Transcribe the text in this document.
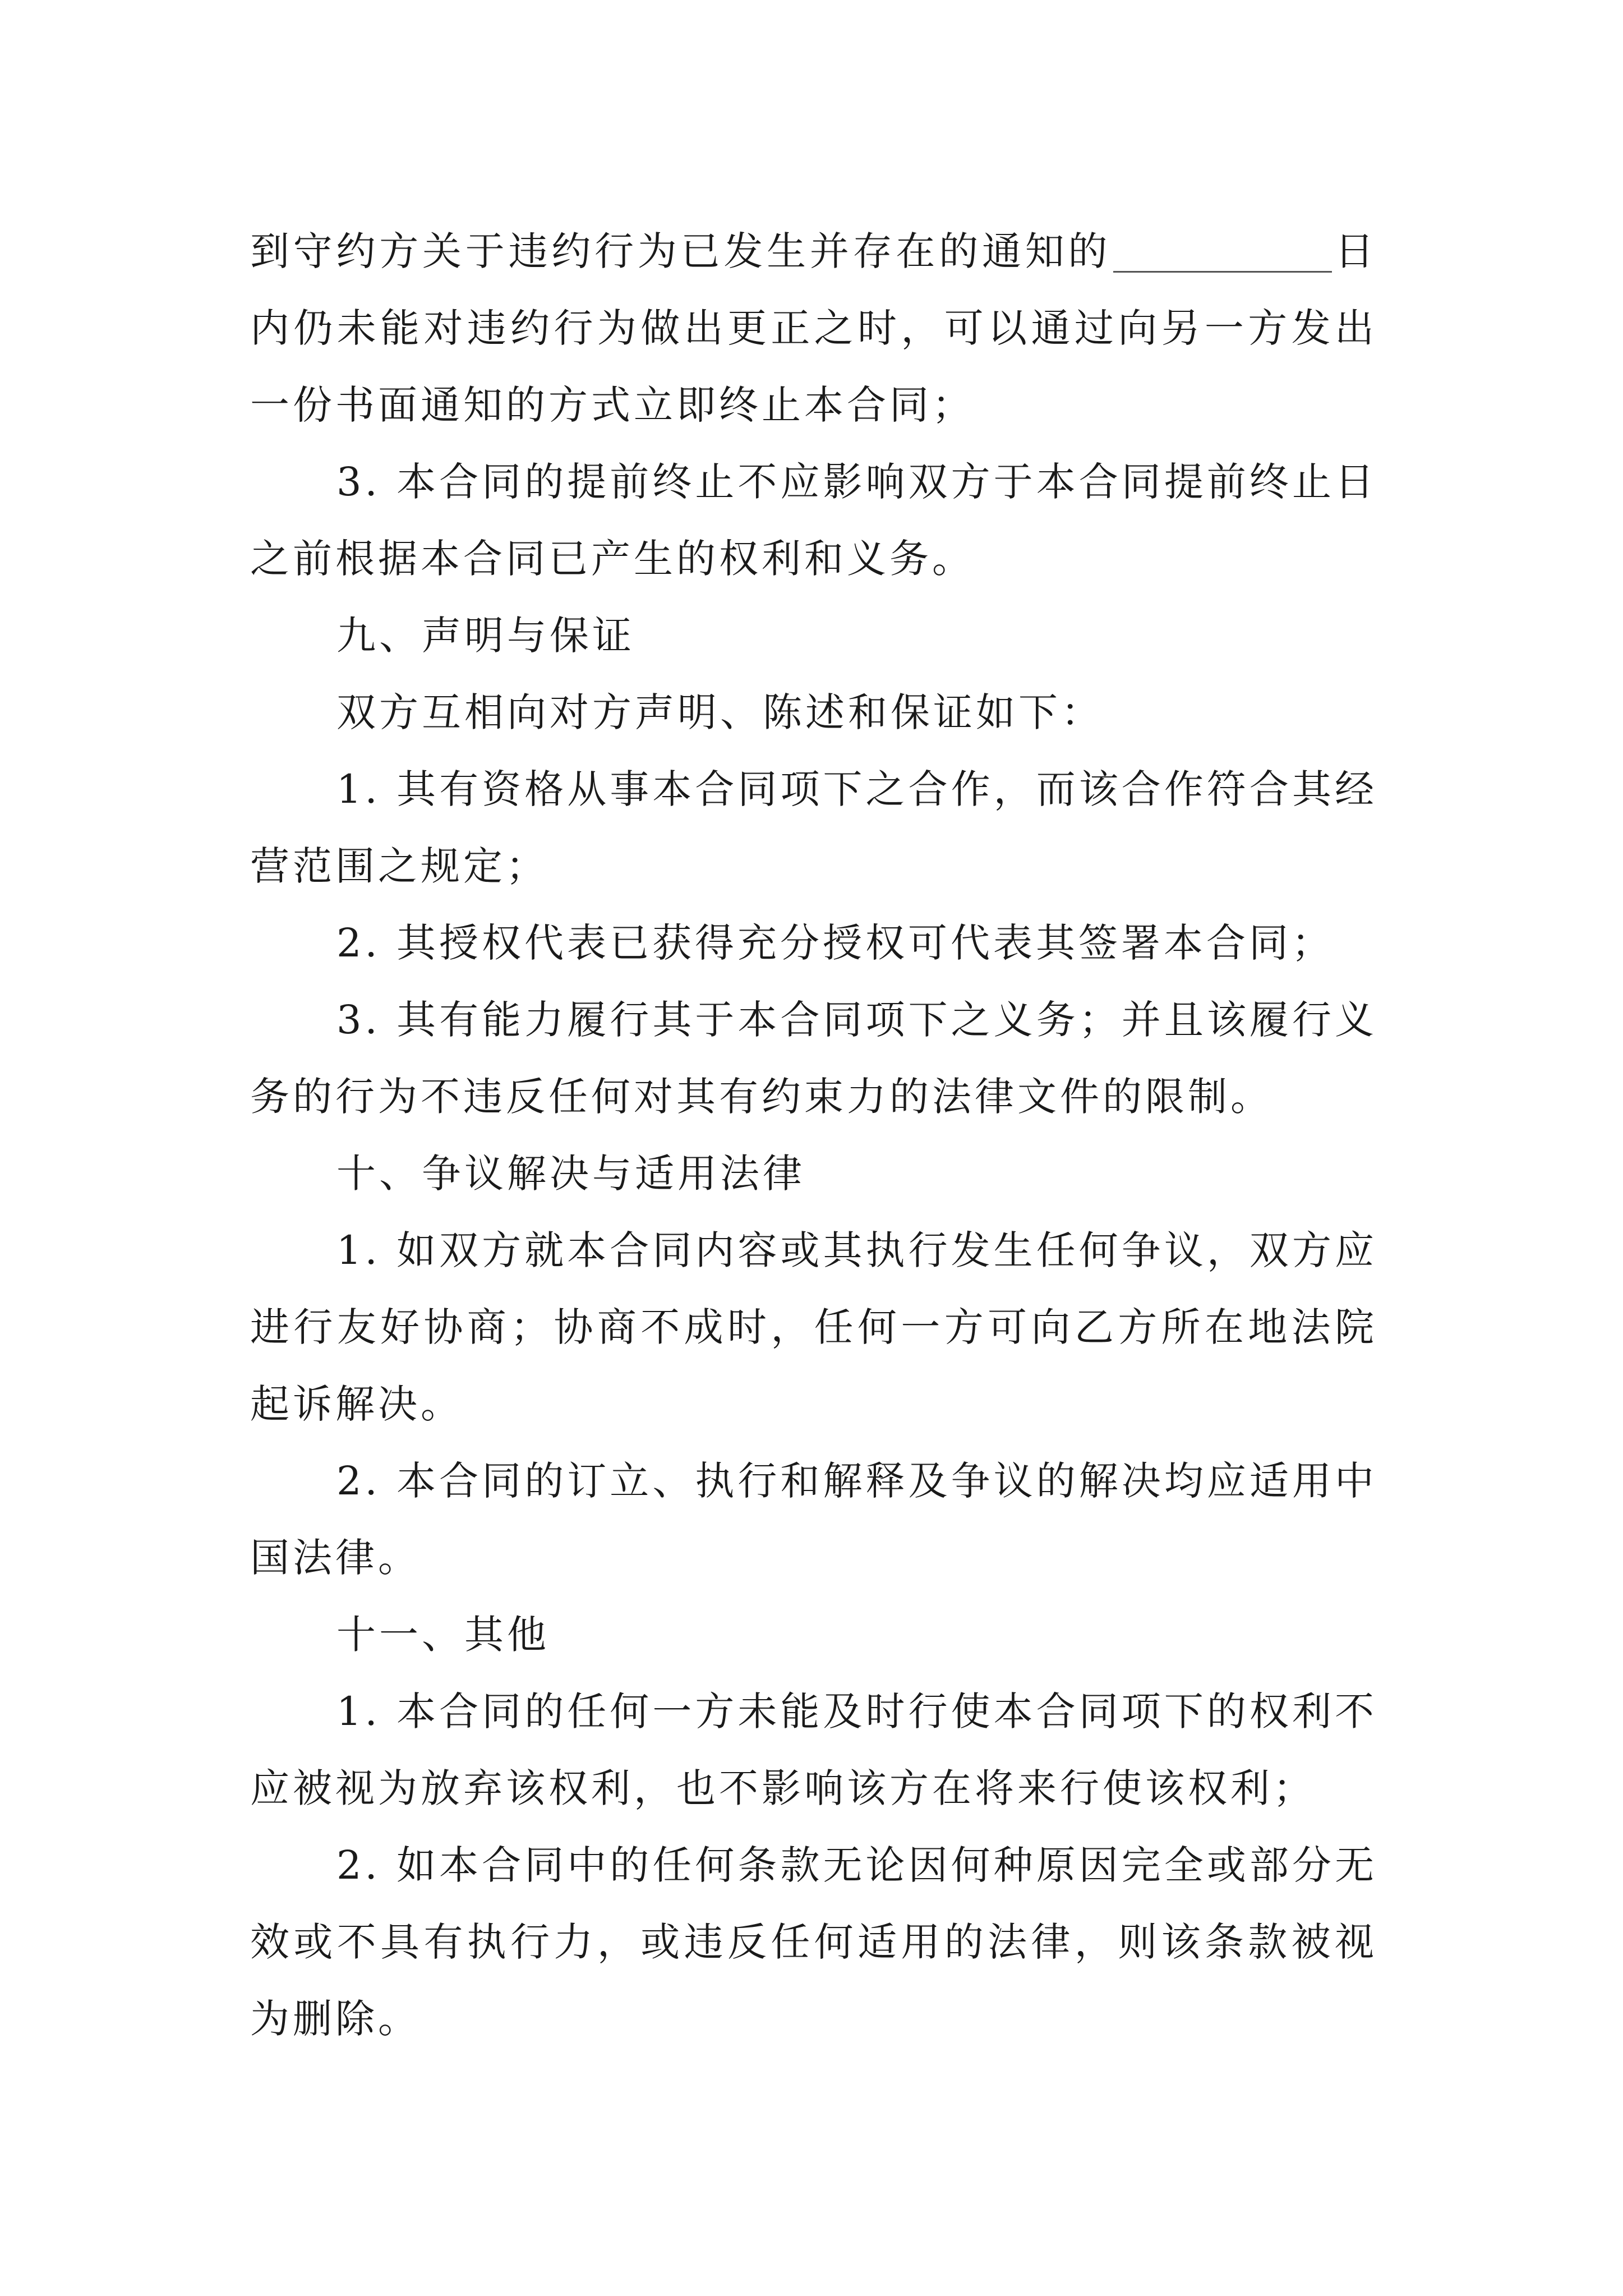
到守约方关于违约行为已发生并存在的通知的	日内仍未能对违约行为做出更正之时，可以通过向另一方发出一份书面通知的方式立即终止本合同；

3. 本合同的提前终止不应影响双方于本合同提前终止日之前根据本合同已产生的权利和义务。

九、声明与保证

双方互相向对方声明、陈述和保证如下：

1. 其有资格从事本合同项下之合作，而该合作符合其经营范围之规定；

2. 其授权代表已获得充分授权可代表其签署本合同；

3. 其有能力履行其于本合同项下之义务；并且该履行义务的行为不违反任何对其有约束力的法律文件的限制。

十、争议解决与适用法律

1. 如双方就本合同内容或其执行发生任何争议，双方应进行友好协商；协商不成时，任何一方可向乙方所在地法院起诉解决。

2. 本合同的订立、执行和解释及争议的解决均应适用中国法律。

十一、其他

1. 本合同的任何一方未能及时行使本合同项下的权利不应被视为放弃该权利，也不影响该方在将来行使该权利；

2. 如本合同中的任何条款无论因何种原因完全或部分无效或不具有执行力，或违反任何适用的法律，则该条款被视为删除。
